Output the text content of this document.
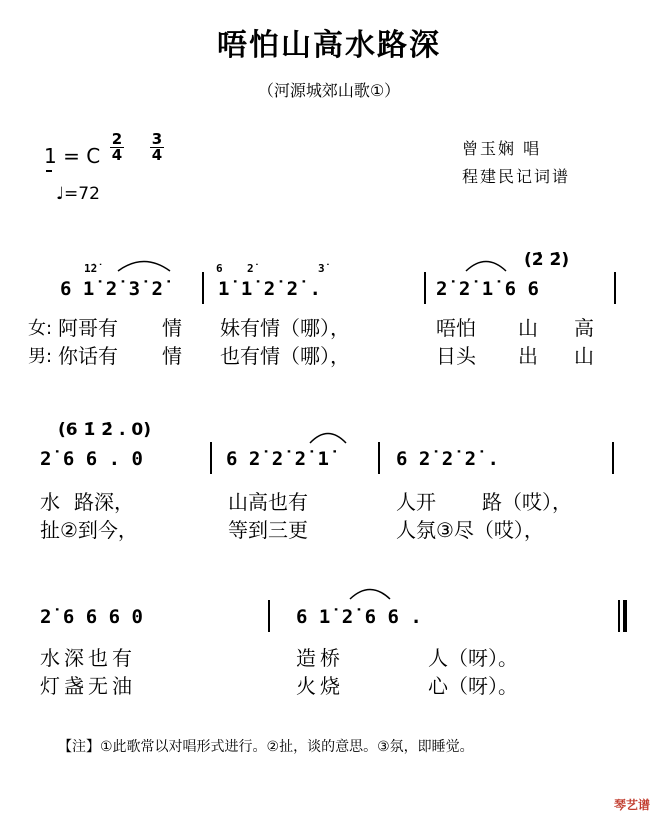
唔怕山高水路深
（河源城郊山歌①）
1 = C
2
4
3
4
♩=72
曾玉娴 唱
程建民记词谱
1̇2̇	6 2̇	3̇	(2̇ 2̇)
6 1̇ 2̇ 3̇ 2̇	1̇ 1̇ 2̇ 2̇ .	2̇ 2̇ 1̇ 6 6
女:
男:
阿哥有 情 妹有情（哪），	唔怕 山 高
你话有 情 也有情（哪），	日头 出 山
(6 1̇ 2̇ . 0)
2̇ 6 6 . 0	6 2̇ 2̇ 2̇ 1̇	6 2̇ 2̇ 2̇ .
水 路深，	山高也有	人开 路（哎），
扯②到今，	等到三更	人氛③尽（哎），
2̇ 6 6 6 0	6 1̇ 2̇ 6 6 .
水深也有	造桥	人（呀）。
灯盏无油	火烧	心（呀）。
【注】①此歌常以对唱形式进行。②扯，谈的意思。③氛，即睡觉。
琴艺谱
